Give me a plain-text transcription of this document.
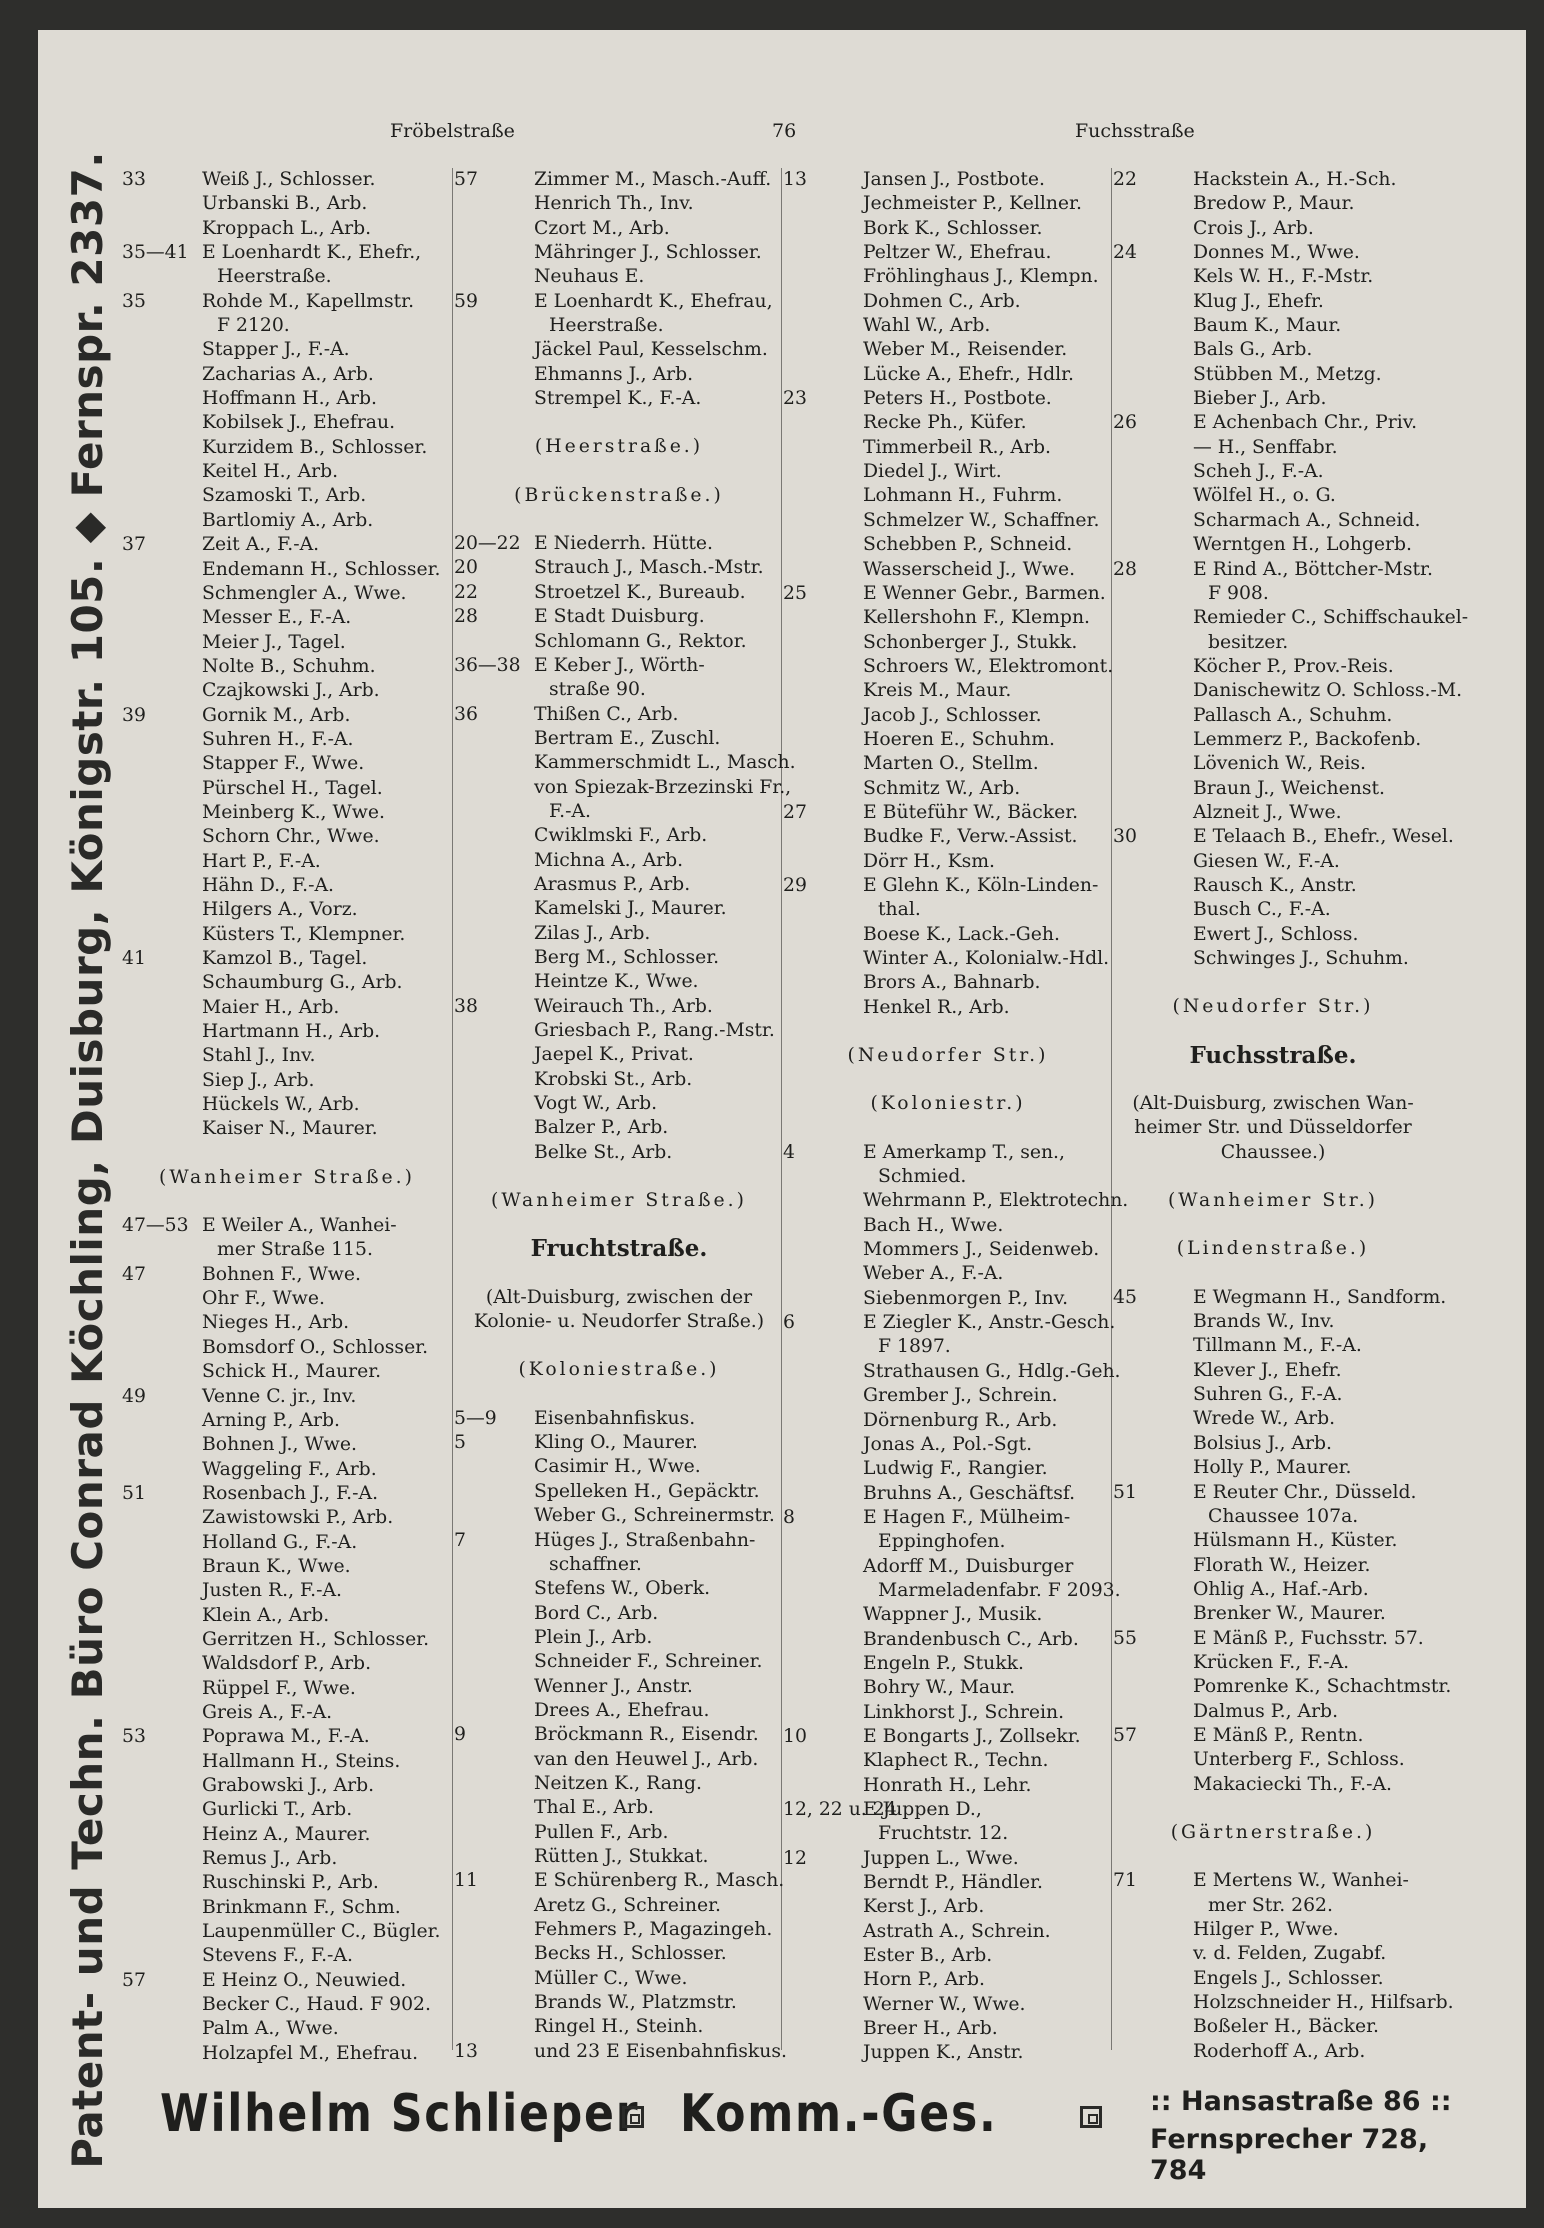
Patent- und Techn. Büro Conrad Köchling, Duisburg, Königstr. 105. ⬥ Fernspr. 2337.
Fröbelstraße	76	Fuchsstraße
33	Weiß J., Schlosser.
Urbanski B., Arb.
Kroppach L., Arb.
35—41 E Loenhardt K., Ehefr.,
Heerstraße.
35	Rohde M., Kapellmstr.
F 2120.
Stapper J., F.-A.
Zacharias A., Arb.
Hoffmann H., Arb.
Kobilsek J., Ehefrau.
Kurzidem B., Schlosser.
Keitel H., Arb.
Szamoski T., Arb.
Bartlomiy A., Arb.
37	Zeit A., F.-A.
Endemann H., Schlosser.
Schmengler A., Wwe.
Messer E., F.-A.
Meier J., Tagel.
Nolte B., Schuhm.
Czajkowski J., Arb.
39	Gornik M., Arb.
Suhren H., F.-A.
Stapper F., Wwe.
Pürschel H., Tagel.
Meinberg K., Wwe.
Schorn Chr., Wwe.
Hart P., F.-A.
Hähn D., F.-A.
Hilgers A., Vorz.
Küsters T., Klempner.
41	Kamzol B., Tagel.
Schaumburg G., Arb.
Maier H., Arb.
Hartmann H., Arb.
Stahl J., Inv.
Siep J., Arb.
Hückels W., Arb.
Kaiser N., Maurer.
(Wanheimer Straße.)
47—53 E Weiler A., Wanhei-
mer Straße 115.
47	Bohnen F., Wwe.
Ohr F., Wwe.
Nieges H., Arb.
Bomsdorf O., Schlosser.
Schick H., Maurer.
49	Venne C. jr., Inv.
Arning P., Arb.
Bohnen J., Wwe.
Waggeling F., Arb.
51	Rosenbach J., F.-A.
Zawistowski P., Arb.
Holland G., F.-A.
Braun K., Wwe.
Justen R., F.-A.
Klein A., Arb.
Gerritzen H., Schlosser.
Waldsdorf P., Arb.
Rüppel F., Wwe.
Greis A., F.-A.
53	Poprawa M., F.-A.
Hallmann H., Steins.
Grabowski J., Arb.
Gurlicki T., Arb.
Heinz A., Maurer.
Remus J., Arb.
Ruschinski P., Arb.
Brinkmann F., Schm.
Laupenmüller C., Bügler.
Stevens F., F.-A.
57	E Heinz O., Neuwied.
Becker C., Haud. F 902.
Palm A., Wwe.
Holzapfel M., Ehefrau.
57	Zimmer M., Masch.-Auff.
Henrich Th., Inv.
Czort M., Arb.
Mähringer J., Schlosser.
Neuhaus E.
59	E Loenhardt K., Ehefrau,
Heerstraße.
Jäckel Paul, Kesselschm.
Ehmanns J., Arb.
Strempel K., F.-A.
(Heerstraße.)
(Brückenstraße.)
20—22 E Niederrh. Hütte.
20	Strauch J., Masch.-Mstr.
22	Stroetzel K., Bureaub.
28	E Stadt Duisburg.
Schlomann G., Rektor.
36—38 E Keber J., Wörth-
straße 90.
36	Thißen C., Arb.
Bertram E., Zuschl.
Kammerschmidt L., Masch.
von Spiezak-Brzezinski Fr.,
F.-A.
Cwiklmski F., Arb.
Michna A., Arb.
Arasmus P., Arb.
Kamelski J., Maurer.
Zilas J., Arb.
Berg M., Schlosser.
Heintze K., Wwe.
38	Weirauch Th., Arb.
Griesbach P., Rang.-Mstr.
Jaepel K., Privat.
Krobski St., Arb.
Vogt W., Arb.
Balzer P., Arb.
Belke St., Arb.
(Wanheimer Straße.)
Fruchtstraße.
(Alt-Duisburg, zwischen der
Kolonie- u. Neudorfer Straße.)
(Koloniestraße.)
5—9 Eisenbahnfiskus.
5	Kling O., Maurer.
Casimir H., Wwe.
Spelleken H., Gepäcktr.
Weber G., Schreinermstr.
7	Hüges J., Straßenbahn-
schaffner.
Stefens W., Oberk.
Bord C., Arb.
Plein J., Arb.
Schneider F., Schreiner.
Wenner J., Anstr.
Drees A., Ehefrau.
9	Bröckmann R., Eisendr.
van den Heuwel J., Arb.
Neitzen K., Rang.
Thal E., Arb.
Pullen F., Arb.
Rütten J., Stukkat.
11	E Schürenberg R., Masch.
Aretz G., Schreiner.
Fehmers P., Magazingeh.
Becks H., Schlosser.
Müller C., Wwe.
Brands W., Platzmstr.
Ringel H., Steinh.
13	und 23 E Eisenbahnfiskus.
13	Jansen J., Postbote.
Jechmeister P., Kellner.
Bork K., Schlosser.
Peltzer W., Ehefrau.
Fröhlinghaus J., Klempn.
Dohmen C., Arb.
Wahl W., Arb.
Weber M., Reisender.
Lücke A., Ehefr., Hdlr.
23	Peters H., Postbote.
Recke Ph., Küfer.
Timmerbeil R., Arb.
Diedel J., Wirt.
Lohmann H., Fuhrm.
Schmelzer W., Schaffner.
Schebben P., Schneid.
Wasserscheid J., Wwe.
25	E Wenner Gebr., Barmen.
Kellershohn F., Klempn.
Schonberger J., Stukk.
Schroers W., Elektromont.
Kreis M., Maur.
Jacob J., Schlosser.
Hoeren E., Schuhm.
Marten O., Stellm.
Schmitz W., Arb.
27	E Büteführ W., Bäcker.
Budke F., Verw.-Assist.
Dörr H., Ksm.
29	E Glehn K., Köln-Linden-
thal.
Boese K., Lack.-Geh.
Winter A., Kolonialw.-Hdl.
Brors A., Bahnarb.
Henkel R., Arb.
(Neudorfer Str.)
(Koloniestr.)
4	E Amerkamp T., sen.,
Schmied.
Wehrmann P., Elektrotechn.
Bach H., Wwe.
Mommers J., Seidenweb.
Weber A., F.-A.
Siebenmorgen P., Inv.
6	E Ziegler K., Anstr.-Gesch.
F 1897.
Strathausen G., Hdlg.-Geh.
Grember J., Schrein.
Dörnenburg R., Arb.
Jonas A., Pol.-Sgt.
Ludwig F., Rangier.
Bruhns A., Geschäftsf.
8	E Hagen F., Mülheim-
Eppinghofen.
Adorff M., Duisburger
Marmeladenfabr. F 2093.
Wappner J., Musik.
Brandenbusch C., Arb.
Engeln P., Stukk.
Bohry W., Maur.
Linkhorst J., Schrein.
10	E Bongarts J., Zollsekr.
Klaphect R., Techn.
Honrath H., Lehr.
12, 22 u. 24
E Juppen D.,
Fruchtstr. 12.
12	Juppen L., Wwe.
Berndt P., Händler.
Kerst J., Arb.
Astrath A., Schrein.
Ester B., Arb.
Horn P., Arb.
Werner W., Wwe.
Breer H., Arb.
Juppen K., Anstr.
22	Hackstein A., H.-Sch.
Bredow P., Maur.
Crois J., Arb.
24	Donnes M., Wwe.
Kels W. H., F.-Mstr.
Klug J., Ehefr.
Baum K., Maur.
Bals G., Arb.
Stübben M., Metzg.
Bieber J., Arb.
26	E Achenbach Chr., Priv.
— H., Senffabr.
Scheh J., F.-A.
Wölfel H., o. G.
Scharmach A., Schneid.
Werntgen H., Lohgerb.
28	E Rind A., Böttcher-Mstr.
F 908.
Remieder C., Schiffschaukel-
besitzer.
Köcher P., Prov.-Reis.
Danischewitz O. Schloss.-M.
Pallasch A., Schuhm.
Lemmerz P., Backofenb.
Lövenich W., Reis.
Braun J., Weichenst.
Alzneit J., Wwe.
30	E Telaach B., Ehefr., Wesel.
Giesen W., F.-A.
Rausch K., Anstr.
Busch C., F.-A.
Ewert J., Schloss.
Schwinges J., Schuhm.
(Neudorfer Str.)
Fuchsstraße.
(Alt-Duisburg, zwischen Wan-
heimer Str. und Düsseldorfer
Chaussee.)
(Wanheimer Str.)
(Lindenstraße.)
45	E Wegmann H., Sandform.
Brands W., Inv.
Tillmann M., F.-A.
Klever J., Ehefr.
Suhren G., F.-A.
Wrede W., Arb.
Bolsius J., Arb.
Holly P., Maurer.
51	E Reuter Chr., Düsseld.
Chaussee 107a.
Hülsmann H., Küster.
Florath W., Heizer.
Ohlig A., Haf.-Arb.
Brenker W., Maurer.
55	E Mänß P., Fuchsstr. 57.
Krücken F., F.-A.
Pomrenke K., Schachtmstr.
Dalmus P., Arb.
57	E Mänß P., Rentn.
Unterberg F., Schloss.
Makaciecki Th., F.-A.
(Gärtnerstraße.)
71	E Mertens W., Wanhei-
mer Str. 262.
Hilger P., Wwe.
v. d. Felden, Zugabf.
Engels J., Schlosser.
Holzschneider H., Hilfsarb.
Boßeler H., Bäcker.
Roderhoff A., Arb.
Wilhelm Schlieper Komm.-Ges.	:: Hansastraße 86 ::
Fernsprecher 728, 784
